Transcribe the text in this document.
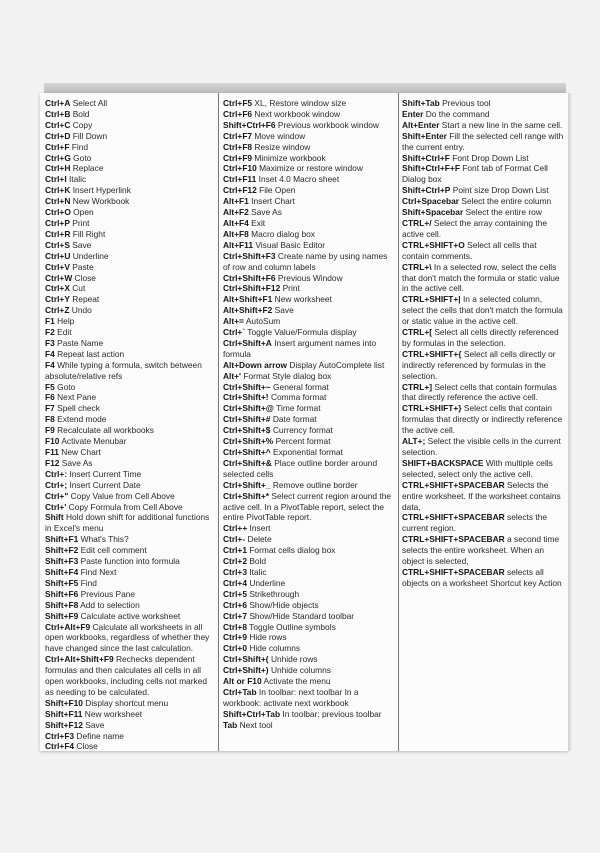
Ctrl+A Select All

Ctrl+B Bold

Ctrl+C Copy

Ctrl+D Fill Down

Ctrl+F Find

Ctrl+G Goto

Ctrl+H Replace

Ctrl+I Italic

Ctrl+K Insert Hyperlink

Ctrl+N New Workbook

Ctrl+O Open

Ctrl+P Print

Ctrl+R Fill Right

Ctrl+S Save

Ctrl+U Underline

Ctrl+V Paste

Ctrl+W Close

Ctrl+X Cut

Ctrl+Y Repeat

Ctrl+Z Undo

F1 Help

F2 Edit

F3 Paste Name

F4 Repeat last action

F4 While typing a formula, switch between absolute/relative refs

F5 Goto

F6 Next Pane

F7 Spell check

F8 Extend mode

F9 Recalculate all workbooks

F10 Activate Menubar

F11 New Chart

F12 Save As

Ctrl+: Insert Current Time

Ctrl+; Insert Current Date

Ctrl+" Copy Value from Cell Above

Ctrl+' Copy Formula from Cell Above

Shift Hold down shift for additional functions in Excel's menu

Shift+F1 What's This?

Shift+F2 Edit cell comment

Shift+F3 Paste function into formula

Shift+F4 Find Next

Shift+F5 Find

Shift+F6 Previous Pane

Shift+F8 Add to selection

Shift+F9 Calculate active worksheet

Ctrl+Alt+F9 Calculate all worksheets in all open workbooks, regardless of whether they have changed since the last calculation.

Ctrl+Alt+Shift+F9 Rechecks dependent formulas and then calculates all cells in all open workbooks, including cells not marked as needing to be calculated.

Shift+F10 Display shortcut menu

Shift+F11 New worksheet

Shift+F12 Save

Ctrl+F3 Define name

Ctrl+F4 Close

Ctrl+F5 XL, Restore window size

Ctrl+F6 Next workbook window

Shift+Ctrl+F6 Previous workbook window

Ctrl+F7 Move window

Ctrl+F8 Resize window

Ctrl+F9 Minimize workbook

Ctrl+F10 Maximize or restore window

Ctrl+F11 Inset 4.0 Macro sheet

Ctrl+F12 File Open

Alt+F1 Insert Chart

Alt+F2 Save As

Alt+F4 Exit

Alt+F8 Macro dialog box

Alt+F11 Visual Basic Editor

Ctrl+Shift+F3 Create name by using names of row and column labels

Ctrl+Shift+F6 Previous Window

Ctrl+Shift+F12 Print

Alt+Shift+F1 New worksheet

Alt+Shift+F2 Save

Alt+= AutoSum

Ctrl+` Toggle Value/Formula display

Ctrl+Shift+A Insert argument names into formula

Alt+Down arrow Display AutoComplete list

Alt+' Format Style dialog box

Ctrl+Shift+~ General format

Ctrl+Shift+! Comma format

Ctrl+Shift+@ Time format

Ctrl+Shift+# Date format

Ctrl+Shift+$ Currency format

Ctrl+Shift+% Percent format

Ctrl+Shift+^ Exponential format

Ctrl+Shift+& Place outline border around selected cells

Ctrl+Shift+_ Remove outline border

Ctrl+Shift+* Select current region around the active cell. In a PivotTable report, select the entire PivotTable report.

Ctrl++ Insert

Ctrl+- Delete

Ctrl+1 Format cells dialog box

Ctrl+2 Bold

Ctrl+3 Italic

Ctrl+4 Underline

Ctrl+5 Strikethrough

Ctrl+6 Show/Hide objects

Ctrl+7 Show/Hide Standard toolbar

Ctrl+8 Toggle Outline symbols

Ctrl+9 Hide rows

Ctrl+0 Hide columns

Ctrl+Shift+( Unhide rows

Ctrl+Shift+) Unhide columns

Alt or F10 Activate the menu

Ctrl+Tab In toolbar: next toolbar In a workbook: activate next workbook

Shift+Ctrl+Tab In toolbar: previous toolbar

Tab Next tool

Shift+Tab Previous tool

Enter Do the command

Alt+Enter Start a new line in the same cell.

Shift+Enter Fill the selected cell range with the current entry.

Shift+Ctrl+F Font Drop Down List

Shift+Ctrl+F+F Font tab of Format Cell Dialog box

Shift+Ctrl+P Point size Drop Down List

Ctrl+Spacebar Select the entire column

Shift+Spacebar Select the entire row

CTRL+/ Select the array containing the active cell.

CTRL+SHIFT+O Select all cells that contain comments.

CTRL+\ In a selected row, select the cells that don't match the formula or static value in the active cell.

CTRL+SHIFT+| In a selected column, select the cells that don't match the formula or static value in the active cell.

CTRL+[ Select all cells directly referenced by formulas in the selection.

CTRL+SHIFT+{ Select all cells directly or indirectly referenced by formulas in the selection.

CTRL+] Select cells that contain formulas that directly reference the active cell.

CTRL+SHIFT+} Select cells that contain formulas that directly or indirectly reference the active cell.

ALT+; Select the visible cells in the current selection.

SHIFT+BACKSPACE With multiple cells selected, select only the active cell.

CTRL+SHIFT+SPACEBAR Selects the entire worksheet. If the worksheet contains data,

CTRL+SHIFT+SPACEBAR selects the current region.

CTRL+SHIFT+SPACEBAR a second time selects the entire worksheet. When an object is selected,

CTRL+SHIFT+SPACEBAR selects all objects on a worksheet Shortcut key Action
